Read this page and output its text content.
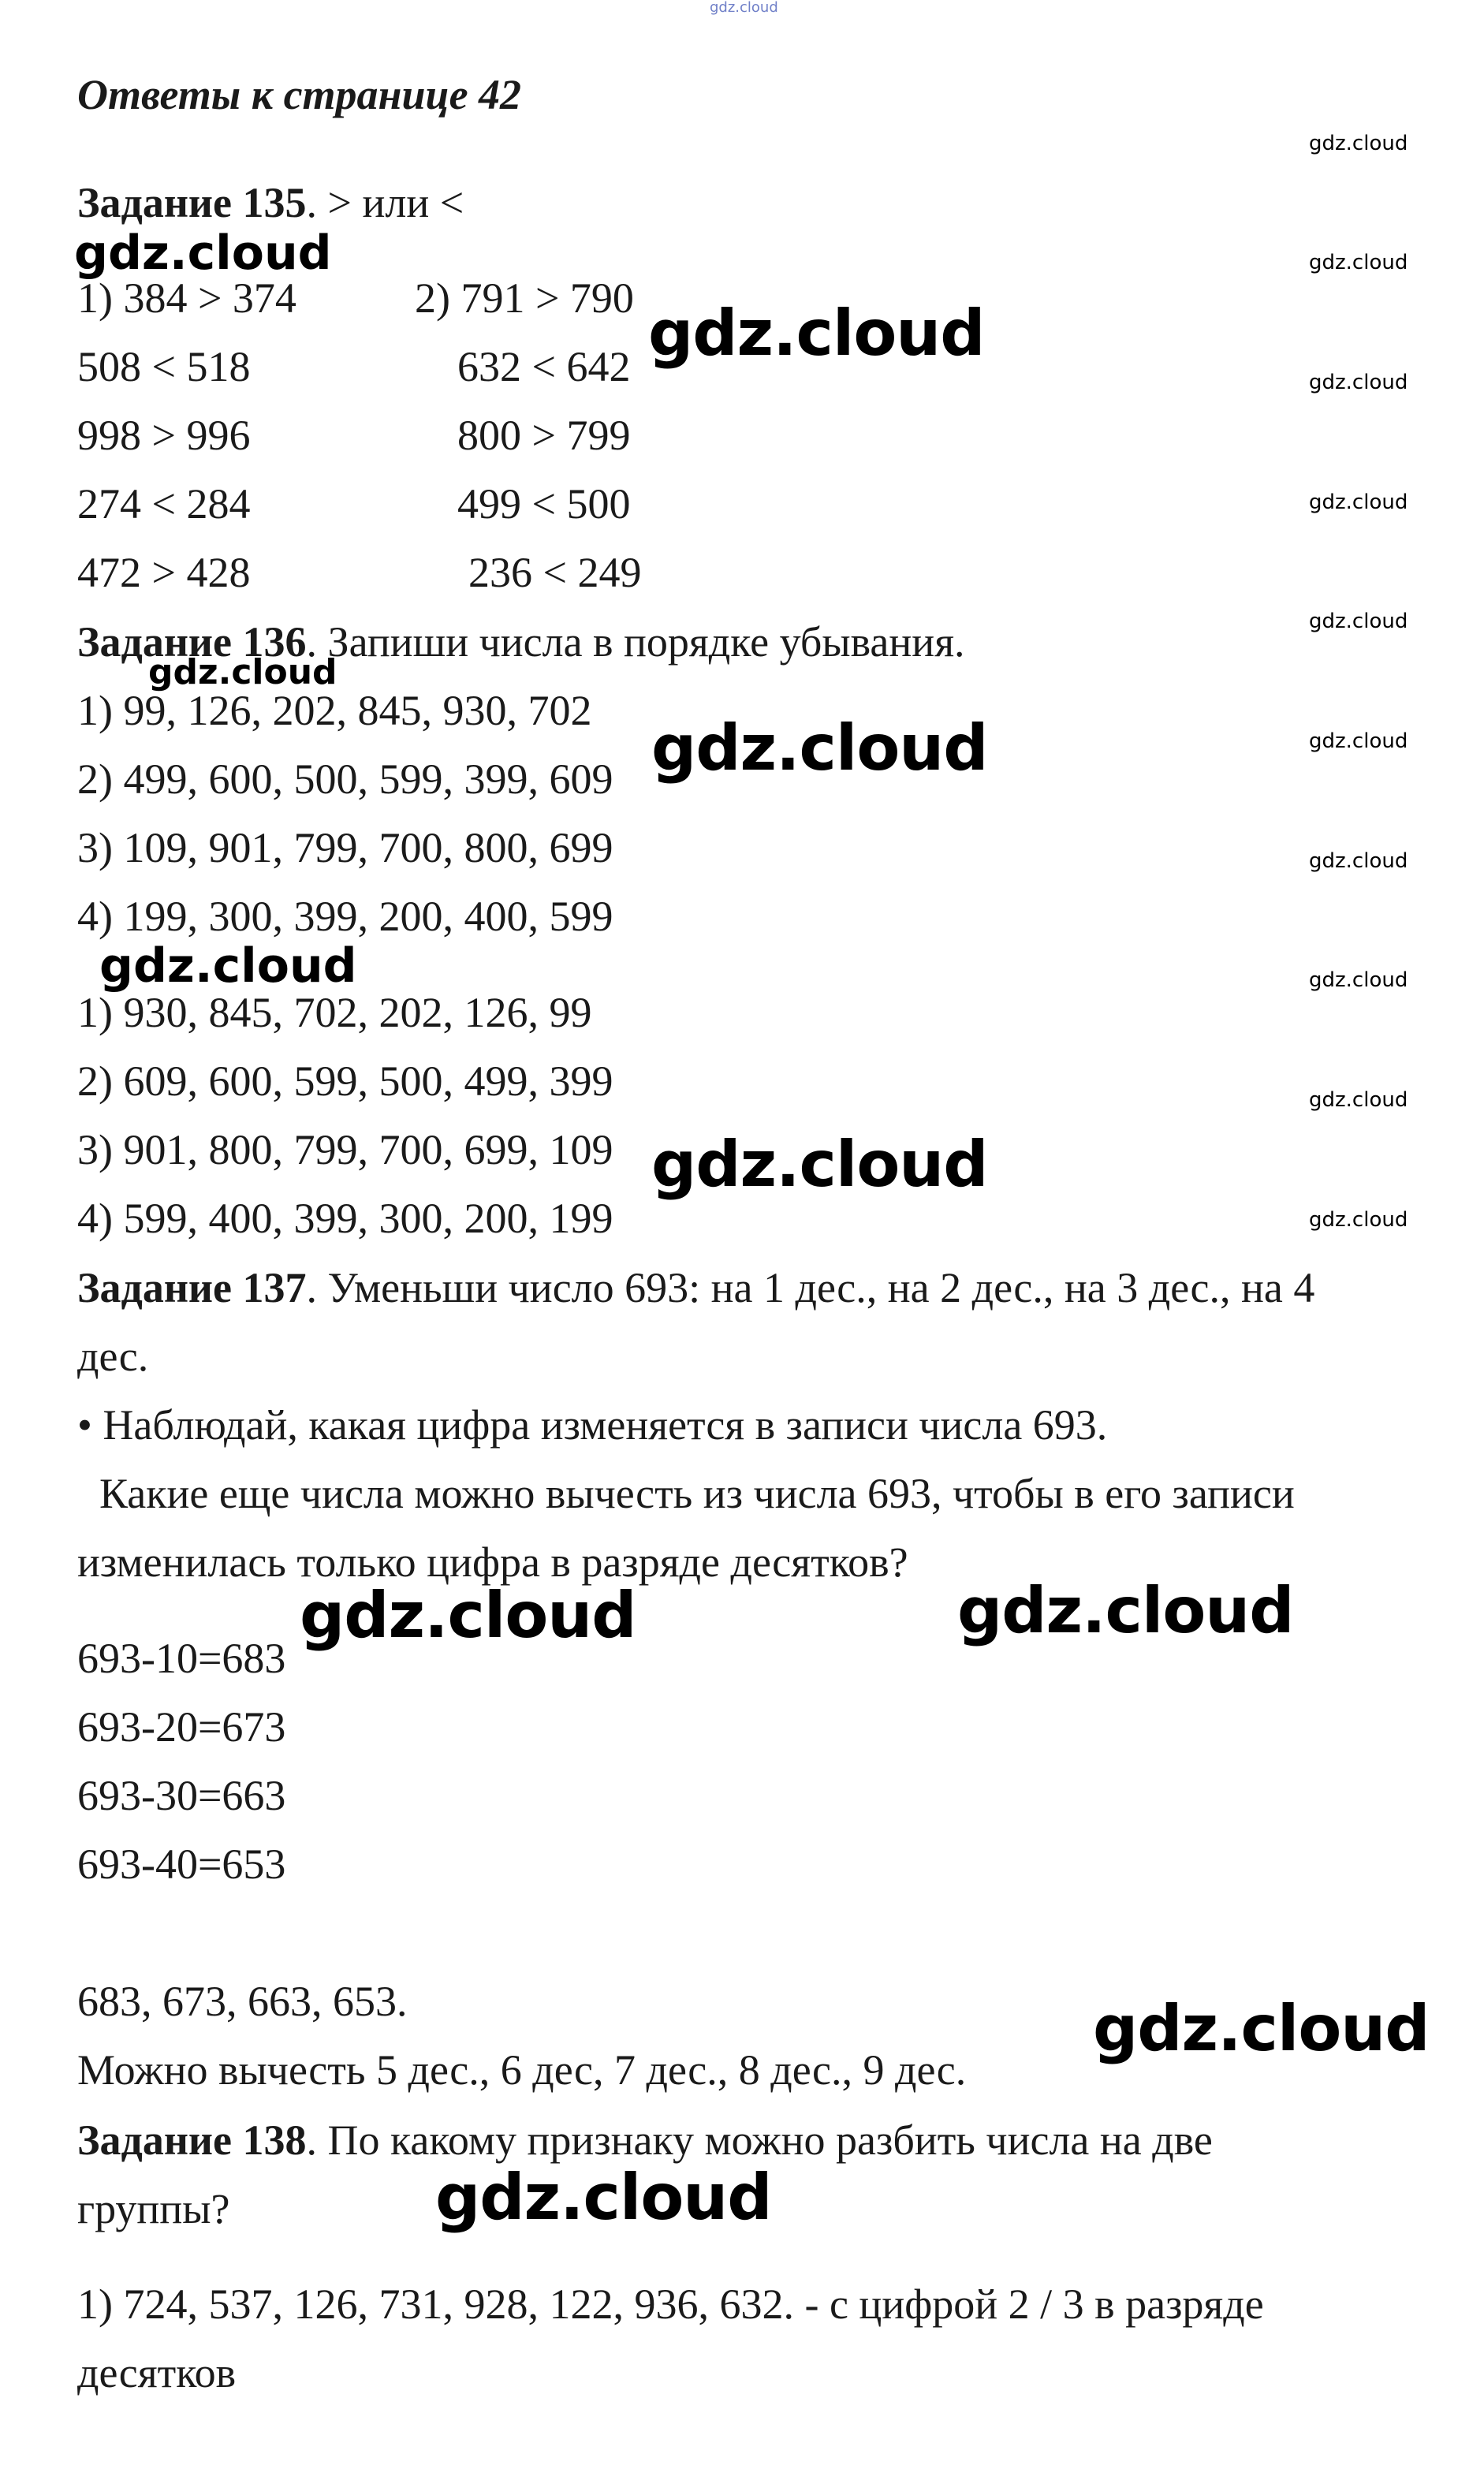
gdz.cloud
Ответы к странице 42
Задание 135. > или <
1) 384 > 374	2) 791 > 790
508 < 518	632 < 642
998 > 996	800 > 799
274 < 284	499 < 500
472 > 428	236 < 249
Задание 136. Запиши числа в порядке убывания.
1) 99, 126, 202, 845, 930, 702
2) 499, 600, 500, 599, 399, 609
3) 109, 901, 799, 700, 800, 699
4) 199, 300, 399, 200, 400, 599
1) 930, 845, 702, 202, 126, 99
2) 609, 600, 599, 500, 499, 399
3) 901, 800, 799, 700, 699, 109
4) 599, 400, 399, 300, 200, 199
Задание 137. Уменьши число 693: на 1 дес., на 2 дес., на 3 дес., на 4
дес.
• Наблюдай, какая цифра изменяется в записи числа 693.
Какие еще числа можно вычесть из числа 693, чтобы в его записи
изменилась только цифра в разряде десятков?
693-10=683
693-20=673
693-30=663
693-40=653
683, 673, 663, 653.
Можно вычесть 5 дес., 6 дес, 7 дес., 8 дес., 9 дес.
Задание 138. По какому признаку можно разбить числа на две
группы?
1) 724, 537, 126, 731, 928, 122, 936, 632. - с цифрой 2 / 3 в разряде
десятков
gdz.cloud
gdz.cloud
gdz.cloud
gdz.cloud
gdz.cloud
gdz.cloud
gdz.cloud	gdz.cloud
gdz.cloud
gdz.cloud
gdz.cloud
gdz.cloud
gdz.cloud
gdz.cloud
gdz.cloud
gdz.cloud
gdz.cloud
gdz.cloud
gdz.cloud
gdz.cloud
